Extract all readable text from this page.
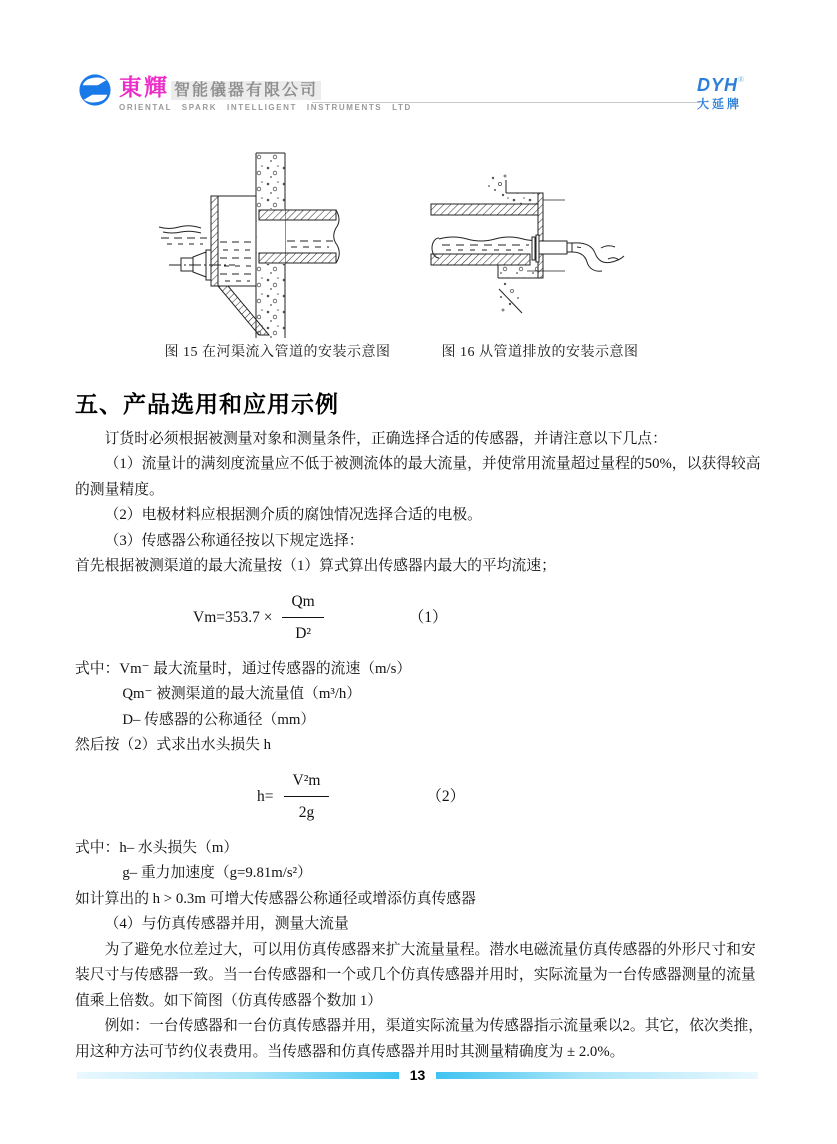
東輝 智能儀器有限公司
ORIENTAL SPARK INTELLIGENT INSTRUMENTS LTD
DYH®
大延牌

图 15 在河渠流入管道的安装示意图	图 16 从管道排放的安装示意图

五、产品选用和应用示例

订货时必须根据被测量对象和测量条件，正确选择合适的传感器，并请注意以下几点：

（1）流量计的满刻度流量应不低于被测流体的最大流量，并使常用流量超过量程的50%，以获得较高的测量精度。

（2）电极材料应根据测介质的腐蚀情况选择合适的电极。

（3）传感器公称通径按以下规定选择：

首先根据被测渠道的最大流量按（1）算式算出传感器内最大的平均流速；

$Vm=353.7 \times \frac{Qm}{\text{D²}}$	（1）

式中：Vm⁻ 最大流量时，通过传感器的流速（m/s）

Qm⁻ 被测渠道的最大流量值（m³/h）

D– 传感器的公称通径（mm）

然后按（2）式求出水头损失 h

$h= \frac{\text{V²m}}{2g}$	（2）

式中：h– 水头损失（m）

g– 重力加速度（g=9.81m/s²）

如计算出的 h > 0.3m 可增大传感器公称通径或增添仿真传感器

（4）与仿真传感器并用，测量大流量

为了避免水位差过大，可以用仿真传感器来扩大流量量程。潜水电磁流量仿真传感器的外形尺寸和安装尺寸与传感器一致。当一台传感器和一个或几个仿真传感器并用时，实际流量为一台传感器测量的流量值乘上倍数。如下简图（仿真传感器个数加 1）

例如：一台传感器和一台仿真传感器并用，渠道实际流量为传感器指示流量乘以2。其它，依次类推，用这种方法可节约仪表费用。当传感器和仿真传感器并用时其测量精确度为 ± 2.0%。

13
